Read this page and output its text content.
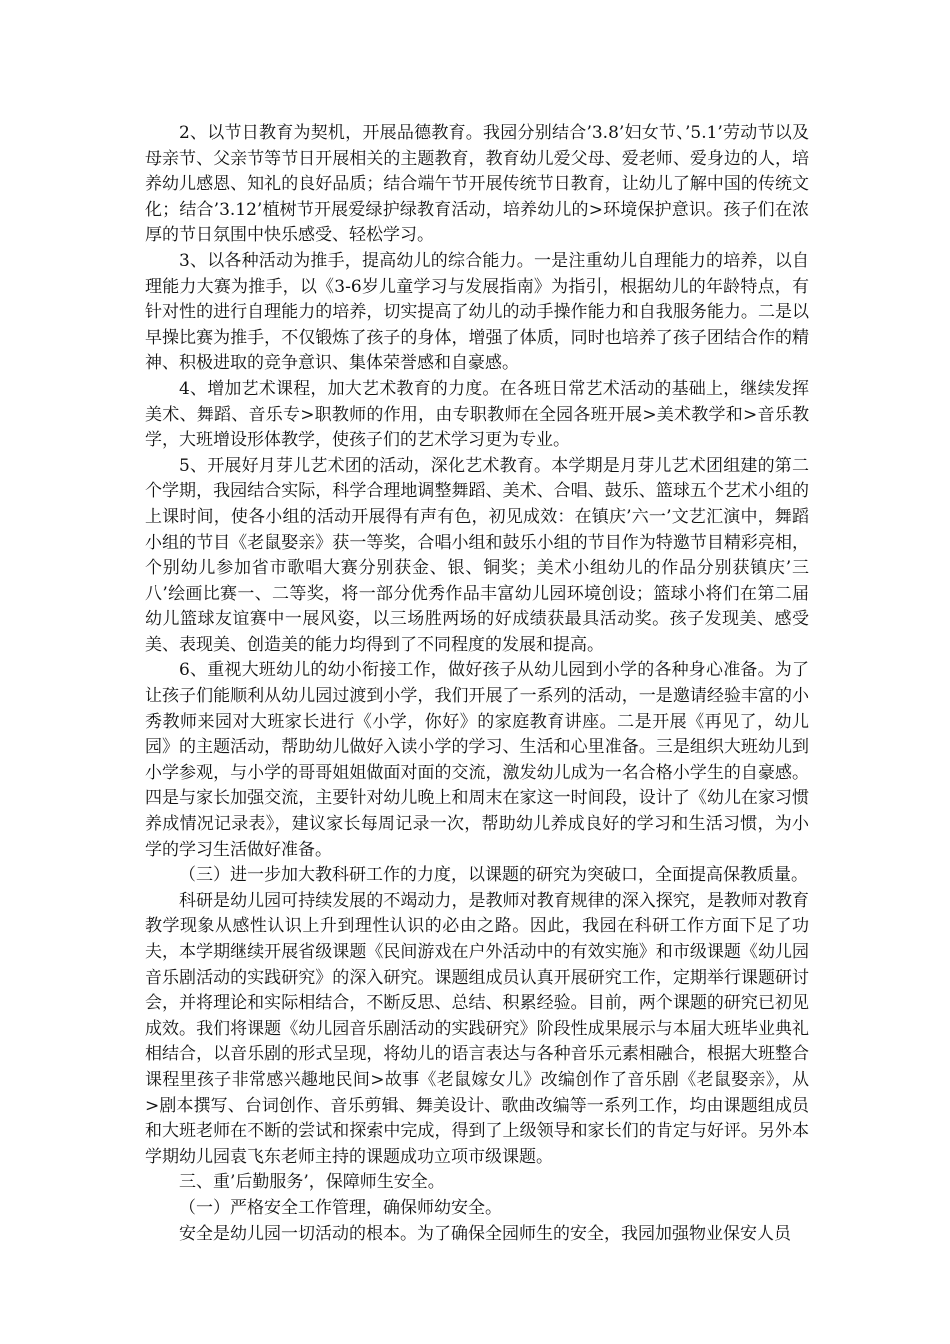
2、以节日教育为契机，开展品德教育。我园分别结合’3.8’妇女节、’5.1’劳动节以及母亲节、父亲节等节日开展相关的主题教育，教育幼儿爱父母、爱老师、爱身边的人，培养幼儿感恩、知礼的良好品质；结合端午节开展传统节日教育，让幼儿了解中国的传统文化；结合’3.12’植树节开展爱绿护绿教育活动，培养幼儿的>环境保护意识。孩子们在浓厚的节日氛围中快乐感受、轻松学习。

3、以各种活动为推手，提高幼儿的综合能力。一是注重幼儿自理能力的培养，以自理能力大赛为推手，以《3-6岁儿童学习与发展指南》为指引，根据幼儿的年龄特点，有针对性的进行自理能力的培养，切实提高了幼儿的动手操作能力和自我服务能力。二是以早操比赛为推手，不仅锻炼了孩子的身体，增强了体质，同时也培养了孩子团结合作的精神、积极进取的竞争意识、集体荣誉感和自豪感。

4、增加艺术课程，加大艺术教育的力度。在各班日常艺术活动的基础上，继续发挥美术、舞蹈、音乐专>职教师的作用，由专职教师在全园各班开展>美术教学和>音乐教学，大班增设形体教学，使孩子们的艺术学习更为专业。

5、开展好月芽儿艺术团的活动，深化艺术教育。本学期是月芽儿艺术团组建的第二个学期，我园结合实际，科学合理地调整舞蹈、美术、合唱、鼓乐、篮球五个艺术小组的上课时间，使各小组的活动开展得有声有色，初见成效：在镇庆’六一’文艺汇演中，舞蹈小组的节目《老鼠娶亲》获一等奖，合唱小组和鼓乐小组的节目作为特邀节目精彩亮相，个别幼儿参加省市歌唱大赛分别获金、银、铜奖；美术小组幼儿的作品分别获镇庆’三八’绘画比赛一、二等奖，将一部分优秀作品丰富幼儿园环境创设；篮球小将们在第二届幼儿篮球友谊赛中一展风姿，以三场胜两场的好成绩获最具活动奖。孩子发现美、感受美、表现美、创造美的能力均得到了不同程度的发展和提高。

6、重视大班幼儿的幼小衔接工作，做好孩子从幼儿园到小学的各种身心准备。为了让孩子们能顺利从幼儿园过渡到小学，我们开展了一系列的活动，一是邀请经验丰富的小秀教师来园对大班家长进行《小学，你好》的家庭教育讲座。二是开展《再见了，幼儿园》的主题活动，帮助幼儿做好入读小学的学习、生活和心里准备。三是组织大班幼儿到小学参观，与小学的哥哥姐姐做面对面的交流，激发幼儿成为一名合格小学生的自豪感。四是与家长加强交流，主要针对幼儿晚上和周末在家这一时间段，设计了《幼儿在家习惯养成情况记录表》，建议家长每周记录一次，帮助幼儿养成良好的学习和生活习惯，为小学的学习生活做好准备。

（三）进一步加大教科研工作的力度，以课题的研究为突破口，全面提高保教质量。

科研是幼儿园可持续发展的不竭动力，是教师对教育规律的深入探究，是教师对教育教学现象从感性认识上升到理性认识的必由之路。因此，我园在科研工作方面下足了功夫，本学期继续开展省级课题《民间游戏在户外活动中的有效实施》和市级课题《幼儿园音乐剧活动的实践研究》的深入研究。课题组成员认真开展研究工作，定期举行课题研讨会，并将理论和实际相结合，不断反思、总结、积累经验。目前，两个课题的研究已初见成效。我们将课题《幼儿园音乐剧活动的实践研究》阶段性成果展示与本届大班毕业典礼相结合，以音乐剧的形式呈现，将幼儿的语言表达与各种音乐元素相融合，根据大班整合课程里孩子非常感兴趣地民间>故事《老鼠嫁女儿》改编创作了音乐剧《老鼠娶亲》，从>剧本撰写、台词创作、音乐剪辑、舞美设计、歌曲改编等一系列工作，均由课题组成员和大班老师在不断的尝试和探索中完成，得到了上级领导和家长们的肯定与好评。另外本学期幼儿园袁飞东老师主持的课题成功立项市级课题。

三、重’后勤服务’，保障师生安全。

（一）严格安全工作管理，确保师幼安全。

安全是幼儿园一切活动的根本。为了确保全园师生的安全，我园加强物业保安人员
